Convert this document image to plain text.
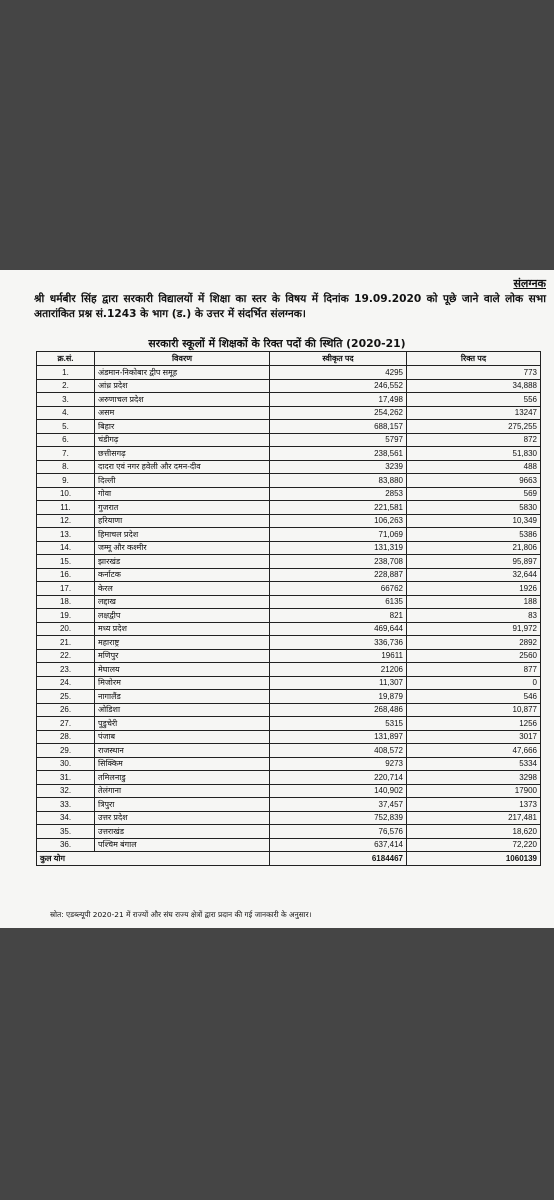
संलग्नक
श्री धर्मबीर सिंह द्वारा सरकारी विद्यालयों में शिक्षा का स्तर के विषय में दिनांक 19.09.2020 को पूछे जाने वाले लोक सभा अतारांकित प्रश्न सं.1243 के भाग (ड.) के उत्तर में संदर्भित संलग्नक।
सरकारी स्कूलों में शिक्षकों के रिक्त पदों की स्थिति (2020-21)
क्र.सं.	विवरण	स्वीकृत पद	रिक्त पद
1.	अंडमान-निकोबार द्वीप समूह	4295	773
2.	आंध्र प्रदेश	246,552	34,888
3.	अरुणाचल प्रदेश	17,498	556
4.	असम	254,262	13247
5.	बिहार	688,157	275,255
6.	चंडीगढ़	5797	872
7.	छत्तीसगढ़	238,561	51,830
8.	दादरा एवं नगर हवेली और दमन-दीव	3239	488
9.	दिल्ली	83,880	9663
10.	गोवा	2853	569
11.	गुजरात	221,581	5830
12.	हरियाणा	106,263	10,349
13.	हिमाचल प्रदेश	71,069	5386
14.	जम्मू और कश्मीर	131,319	21,806
15.	झारखंड	238,708	95,897
16.	कर्नाटक	228,887	32,644
17.	केरल	66762	1926
18.	लद्दाख	6135	188
19.	लक्षद्वीप	821	83
20.	मध्य प्रदेश	469,644	91,972
21.	महाराष्ट्र	336,736	2892
22.	मणिपुर	19611	2560
23.	मेघालय	21206	877
24.	मिजोरम	11,307	0
25.	नागालैंड	19,879	546
26.	ओडिशा	268,486	10,877
27.	पुडुचेरी	5315	1256
28.	पंजाब	131,897	3017
29.	राजस्थान	408,572	47,666
30.	सिक्किम	9273	5334
31.	तमिलनाडु	220,714	3298
32.	तेलंगाना	140,902	17900
33.	त्रिपुरा	37,457	1373
34.	उत्तर प्रदेश	752,839	217,481
35.	उत्तराखंड	76,576	18,620
36.	पश्चिम बंगाल	637,414	72,220
कुल योग		6184467	1060139
स्रोत: एडब्ल्यूपी 2020-21 में राज्यों और संघ राज्य क्षेत्रों द्वारा प्रदान की गई जानकारी के अनुसार।
